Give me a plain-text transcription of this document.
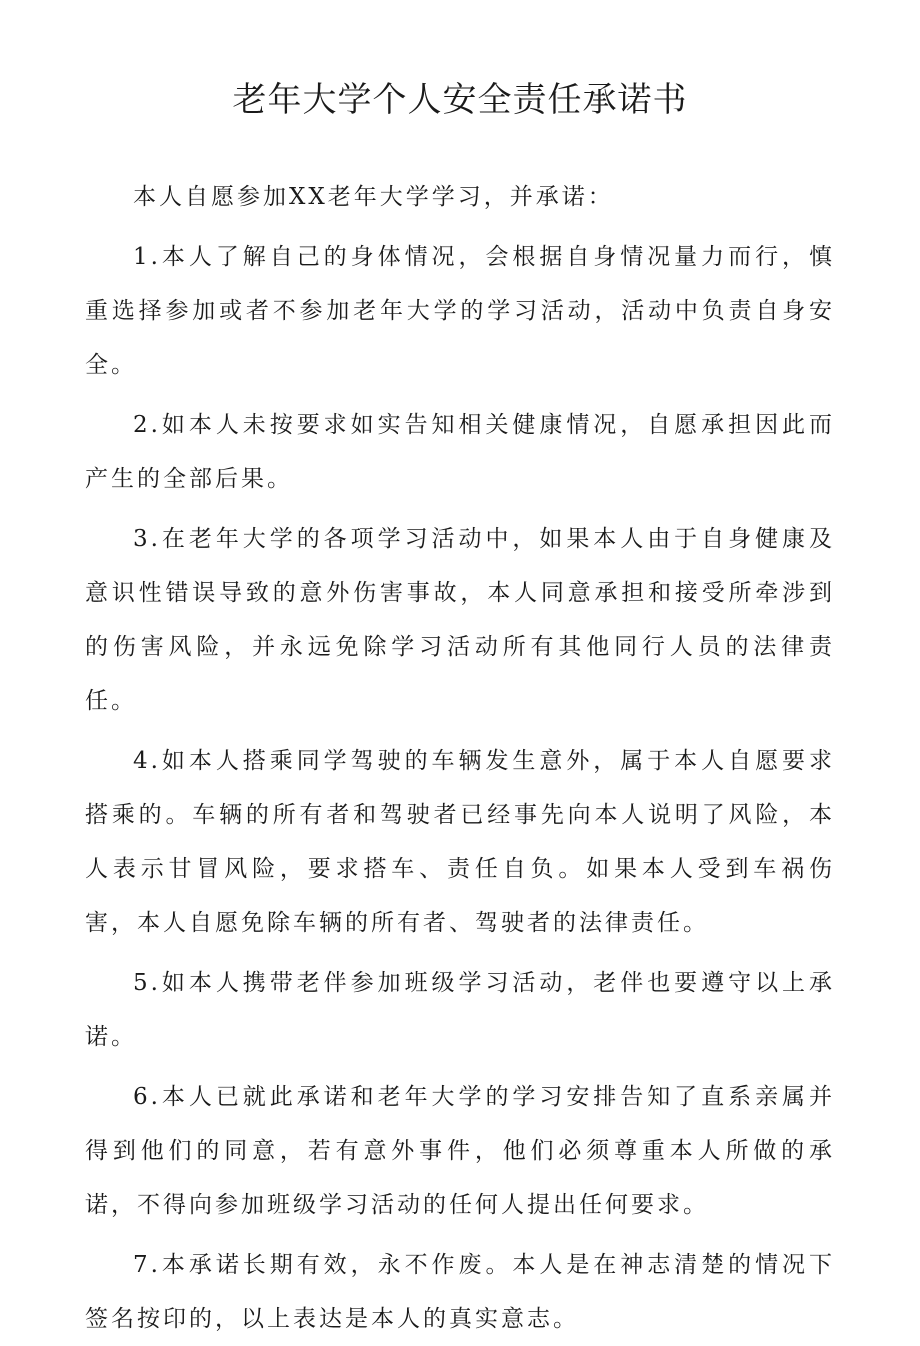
老年大学个人安全责任承诺书

本人自愿参加XX老年大学学习，并承诺：

1.本人了解自己的身体情况，会根据自身情况量力而行，慎重选择参加或者不参加老年大学的学习活动，活动中负责自身安全。

2.如本人未按要求如实告知相关健康情况，自愿承担因此而产生的全部后果。

3.在老年大学的各项学习活动中，如果本人由于自身健康及意识性错误导致的意外伤害事故，本人同意承担和接受所牵涉到的伤害风险，并永远免除学习活动所有其他同行人员的法律责任。

4.如本人搭乘同学驾驶的车辆发生意外，属于本人自愿要求搭乘的。车辆的所有者和驾驶者已经事先向本人说明了风险，本人表示甘冒风险，要求搭车、责任自负。如果本人受到车祸伤害，本人自愿免除车辆的所有者、驾驶者的法律责任。

5.如本人携带老伴参加班级学习活动，老伴也要遵守以上承诺。

6.本人已就此承诺和老年大学的学习安排告知了直系亲属并得到他们的同意，若有意外事件，他们必须尊重本人所做的承诺，不得向参加班级学习活动的任何人提出任何要求。

7.本承诺长期有效，永不作废。本人是在神志清楚的情况下签名按印的，以上表达是本人的真实意志。
